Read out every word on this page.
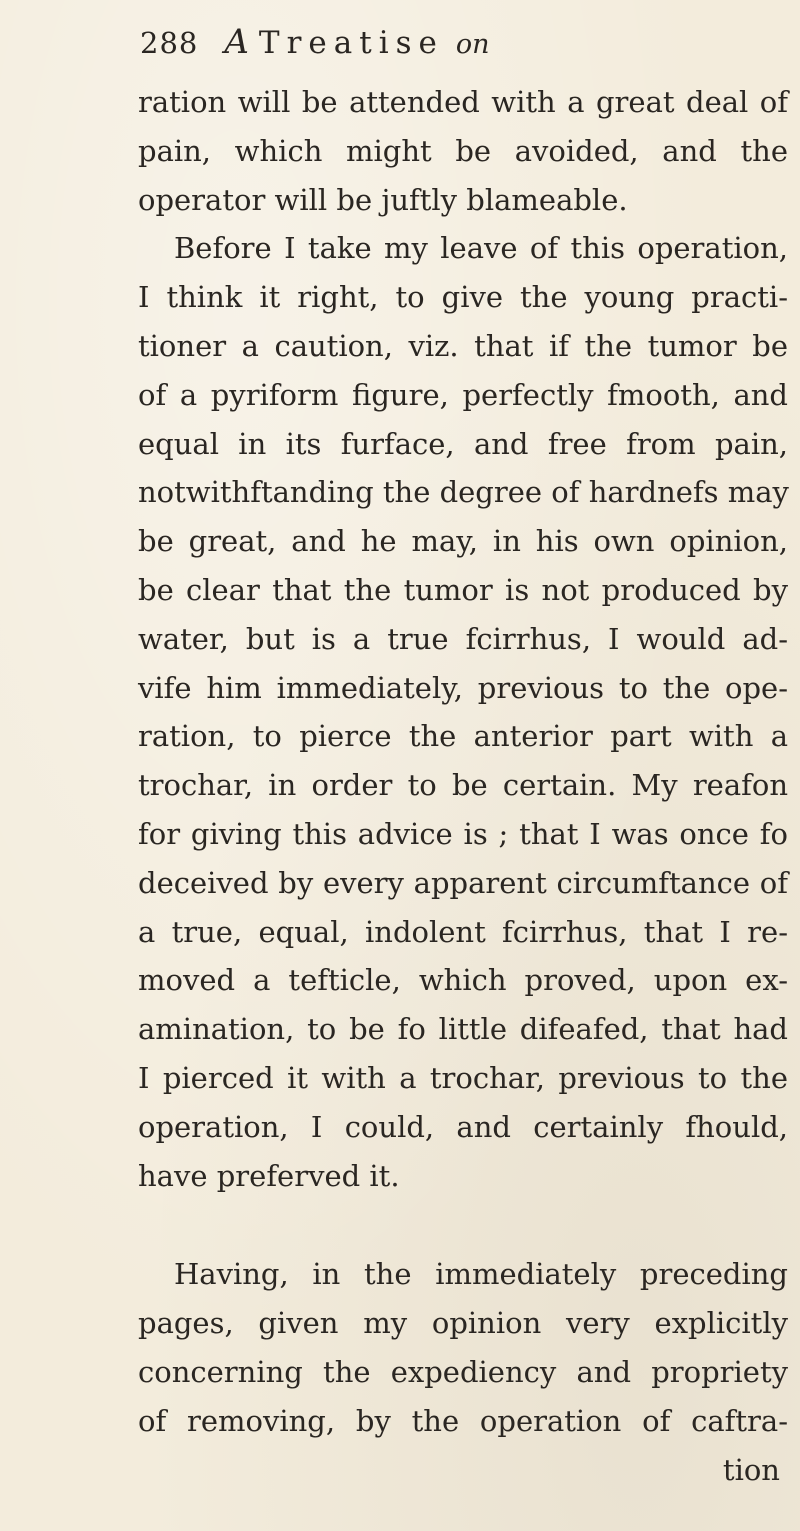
288 A Treatise on
ration will be attended with a great deal of
pain, which might be avoided, and the
operator will be juftly blameable.
Before I take my leave of this operation,
I think it right, to give the young practi-
tioner a caution, viz. that if the tumor be
of a pyriform figure, perfectly fmooth, and
equal in its furface, and free from pain,
notwithftanding the degree of hardnefs may
be great, and he may, in his own opinion,
be clear that the tumor is not produced by
water, but is a true fcirrhus, I would ad-
vife him immediately, previous to the ope-
ration, to pierce the anterior part with a
trochar, in order to be certain. My reafon
for giving this advice is ; that I was once fo
deceived by every apparent circumftance of
a true, equal, indolent fcirrhus, that I re-
moved a tefticle, which proved, upon ex-
amination, to be fo little difeafed, that had
I pierced it with a trochar, previous to the
operation, I could, and certainly fhould,
have preferved it.
Having, in the immediately preceding
pages, given my opinion very explicitly
concerning the expediency and propriety
of removing, by the operation of caftra-
tion
